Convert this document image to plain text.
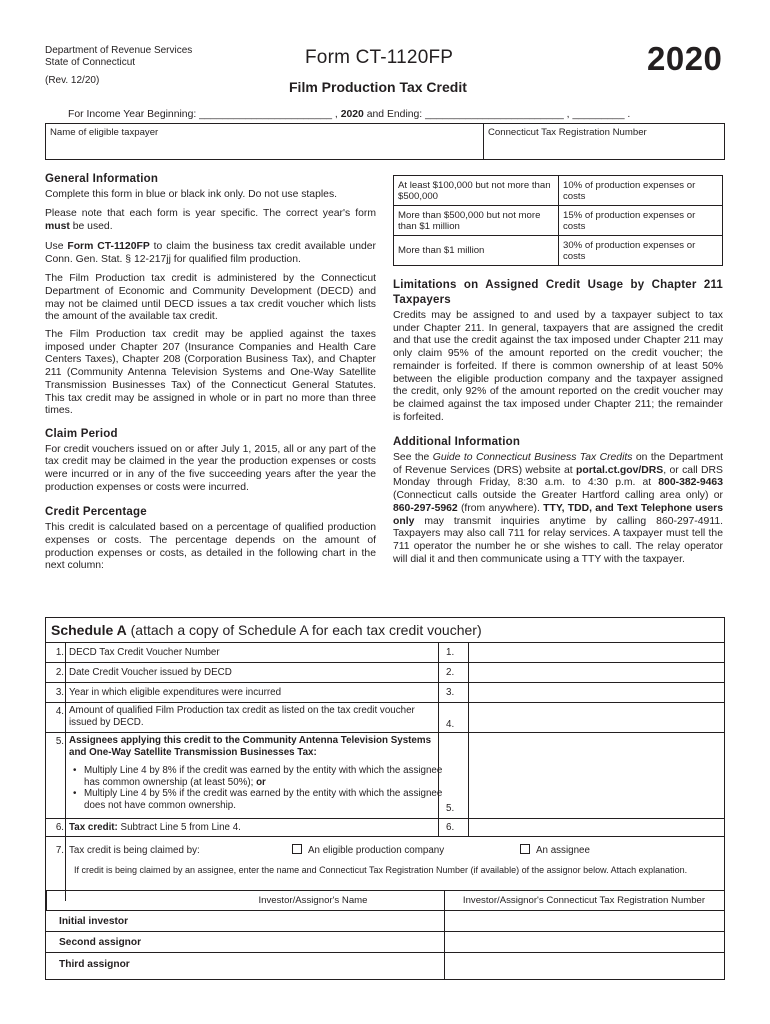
Department of Revenue Services
State of Connecticut
(Rev. 12/20)
Form CT-1120FP
Film Production Tax Credit
2020
For Income Year Beginning: _______________________ , 2020 and Ending: ________________________ , _________ .
Name of eligible taxpayer	Connecticut Tax Registration Number
General Information

Complete this form in blue or black ink only. Do not use staples.

Please note that each form is year specific. The correct year's form must be used.

Use Form CT-1120FP to claim the business tax credit available under Conn. Gen. Stat. § 12-217jj for qualified film production.

The Film Production tax credit is administered by the Connecticut Department of Economic and Community Development (DECD) and may not be claimed until DECD issues a tax credit voucher which lists the amount of the available tax credit.

The Film Production tax credit may be applied against the taxes imposed under Chapter 207 (Insurance Companies and Health Care Centers Taxes), Chapter 208 (Corporation Business Tax), and Chapter 211 (Community Antenna Television Systems and One-Way Satellite Transmission Businesses Tax) of the Connecticut General Statutes. This tax credit may be assigned in whole or in part no more than three times.

Claim Period

For credit vouchers issued on or after July 1, 2015, all or any part of the tax credit may be claimed in the year the production expenses or costs were incurred or in any of the five succeeding years after the year the production expenses or costs were incurred.

Credit Percentage

This credit is calculated based on a percentage of qualified production expenses or costs. The percentage depends on the amount of production expenses or costs, as detailed in the following chart in the next column:

At least $100,000 but not more than $500,000	10% of production expenses or costs
More than $500,000 but not more than $1 million	15% of production expenses or costs
More than $1 million	30% of production expenses or costs
Limitations on Assigned Credit Usage by Chapter 211 Taxpayers

Credits may be assigned to and used by a taxpayer subject to tax under Chapter 211. In general, taxpayers that are assigned the credit and that use the credit against the tax imposed under Chapter 211 may only claim 95% of the amount reported on the credit voucher; the remainder is forfeited. If there is common ownership of at least 50% between the eligible production company and the taxpayer assigned the credit, only 92% of the amount reported on the credit voucher may be claimed against the tax imposed under Chapter 211; the remainder is forfeited.

Additional Information

See the Guide to Connecticut Business Tax Credits on the Department of Revenue Services (DRS) website at portal.ct.gov/DRS, or call DRS Monday through Friday, 8:30 a.m. to 4:30 p.m. at 800-382-9463 (Connecticut calls outside the Greater Hartford calling area only) or 860-297-5962 (from anywhere). TTY, TDD, and Text Telephone users only may transmit inquiries anytime by calling 860-297-4911. Taxpayers may also call 711 for relay services. A taxpayer must tell the 711 operator the number he or she wishes to call. The relay operator will dial it and then communicate using a TTY with the taxpayer.

Schedule A (attach a copy of Schedule A for each tax credit voucher)
1. DECD Tax Credit Voucher Number	1.
2. Date Credit Voucher issued by DECD	2.
3. Year in which eligible expenditures were incurred	3.
4. Amount of qualified Film Production tax credit as listed on the tax credit voucher issued by DECD.	4.
5. Assignees applying this credit to the Community Antenna Television Systems and One-Way Satellite Transmission Businesses Tax:
• Multiply Line 4 by 8% if the credit was earned by the entity with which the assignee has common ownership (at least 50%); or
• Multiply Line 4 by 5% if the credit was earned by the entity with which the assignee does not have common ownership.	5.
6. Tax credit: Subtract Line 5 from Line 4.	6.
7. Tax credit is being claimed by:	An eligible production company	An assignee
If credit is being claimed by an assignee, enter the name and Connecticut Tax Registration Number (if available) of the assignor below. Attach explanation.
Investor/Assignor's Name	Investor/Assignor's Connecticut Tax Registration Number
Initial investor
Second assignor
Third assignor
